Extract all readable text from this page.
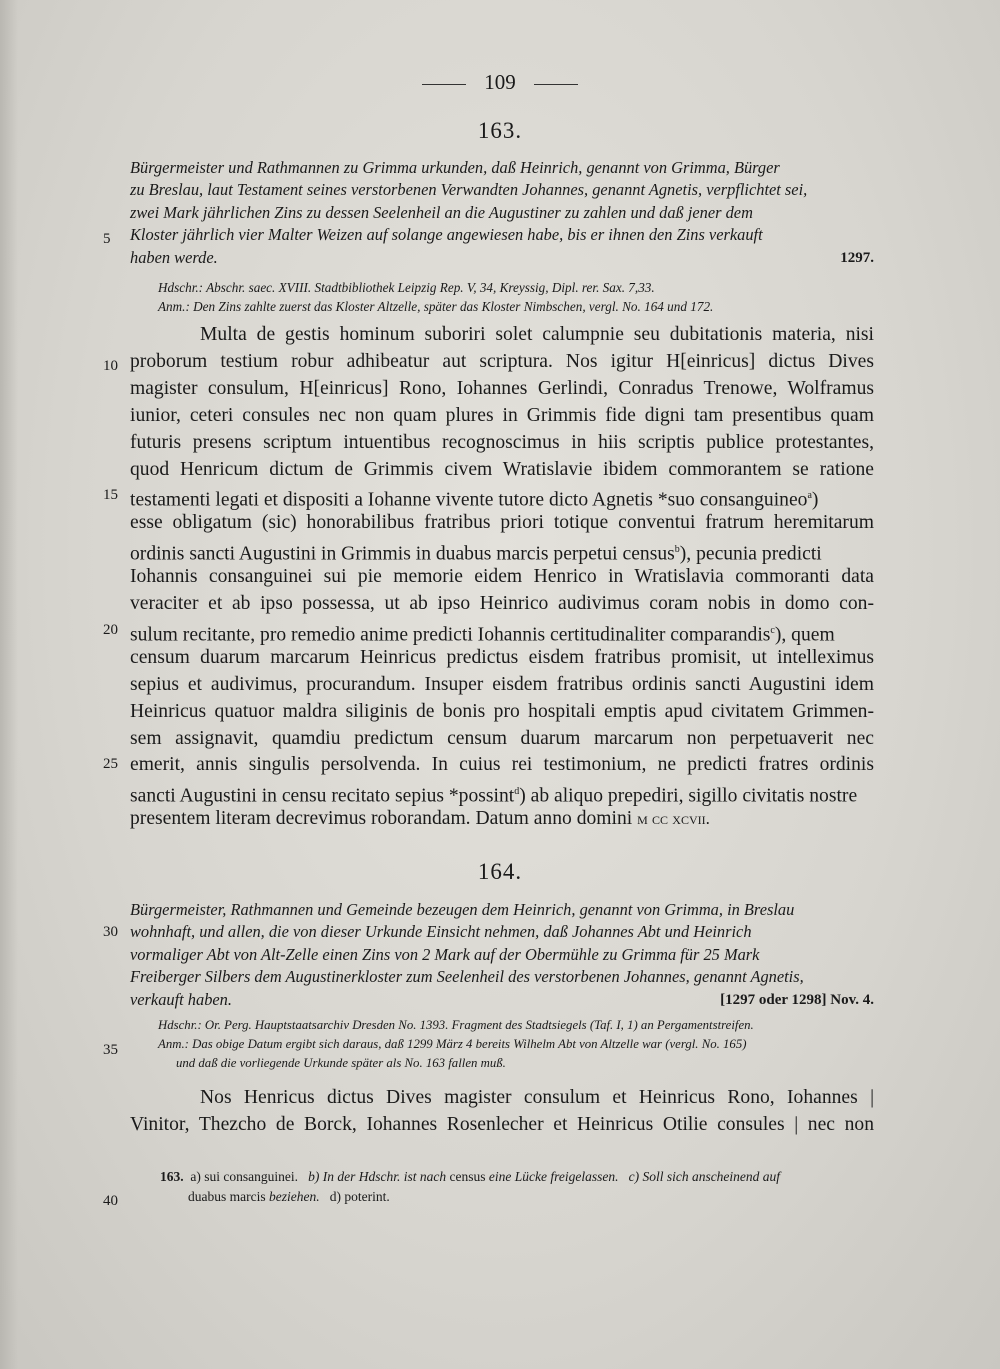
109
163.
Bürgermeister und Rathmannen zu Grimma urkunden, daß Heinrich, genannt von Grimma, Bürger
zu Breslau, laut Testament seines verstorbenen Verwandten Johannes, genannt Agnetis, verpflichtet sei,
zwei Mark jährlichen Zins zu dessen Seelenheil an die Augustiner zu zahlen und daß jener dem
Kloster jährlich vier Malter Weizen auf solange angewiesen habe, bis er ihnen den Zins verkauft
haben werde.	1297.
Hdschr.: Abschr. saec. XVIII. Stadtbibliothek Leipzig Rep. V, 34, Kreyssig, Dipl. rer. Sax. 7,33.
Anm.: Den Zins zahlte zuerst das Kloster Altzelle, später das Kloster Nimbschen, vergl. No. 164 und 172.
Multa de gestis hominum suboriri solet calumpnie seu dubitationis materia, nisi
proborum testium robur adhibeatur aut scriptura. Nos igitur H[einricus] dictus Dives
magister consulum, H[einricus] Rono, Iohannes Gerlindi, Conradus Trenowe, Wolframus
iunior, ceteri consules nec non quam plures in Grimmis fide digni tam presentibus quam
futuris presens scriptum intuentibus recognoscimus in hiis scriptis publice protestantes,
quod Henricum dictum de Grimmis civem Wratislavie ibidem commorantem se ratione
testamenti legati et dispositi a Iohanne vivente tutore dicto Agnetis *suo consanguineo$^a$)
esse obligatum (sic) honorabilibus fratribus priori totique conventui fratrum heremitarum
ordinis sancti Augustini in Grimmis in duabus marcis perpetui census$^b$), pecunia predicti
Iohannis consanguinei sui pie memorie eidem Henrico in Wratislavia commoranti data
veraciter et ab ipso possessa, ut ab ipso Heinrico audivimus coram nobis in domo con-
sulum recitante, pro remedio anime predicti Iohannis certitudinaliter comparandis$^c$), quem
censum duarum marcarum Heinricus predictus eisdem fratribus promisit, ut intelleximus
sepius et audivimus, procurandum. Insuper eisdem fratribus ordinis sancti Augustini idem
Heinricus quatuor maldra siliginis de bonis pro hospitali emptis apud civitatem Grimmen-
sem assignavit, quamdiu predictum censum duarum marcarum non perpetuaverit nec
emerit, annis singulis persolvenda. In cuius rei testimonium, ne predicti fratres ordinis
sancti Augustini in censu recitato sepius *possint$^d$) ab aliquo prepediri, sigillo civitatis nostre
presentem literam decrevimus roborandam. Datum anno domini m cc xcvii.
164.
Bürgermeister, Rathmannen und Gemeinde bezeugen dem Heinrich, genannt von Grimma, in Breslau
wohnhaft, und allen, die von dieser Urkunde Einsicht nehmen, daß Johannes Abt und Heinrich
vormaliger Abt von Alt-Zelle einen Zins von 2 Mark auf der Obermühle zu Grimma für 25 Mark
Freiberger Silbers dem Augustinerkloster zum Seelenheil des verstorbenen Johannes, genannt Agnetis,
verkauft haben.	[1297 oder 1298] Nov. 4.
Hdschr.: Or. Perg. Hauptstaatsarchiv Dresden No. 1393. Fragment des Stadtsiegels (Taf. I, 1) an Pergamentstreifen.
Anm.: Das obige Datum ergibt sich daraus, daß 1299 März 4 bereits Wilhelm Abt von Altzelle war (vergl. No. 165)
und daß die vorliegende Urkunde später als No. 163 fallen muß.
Nos Henricus dictus Dives magister consulum et Heinricus Rono, Iohannes |
Vinitor, Thezcho de Borck, Iohannes Rosenlecher et Heinricus Otilie consules | nec non
163. a) sui consanguinei. b) In der Hdschr. ist nach census eine Lücke freigelassen. c) Soll sich anscheinend auf
duabus marcis beziehen. d) poterint.
5
10
15
20
25
30
35
40
